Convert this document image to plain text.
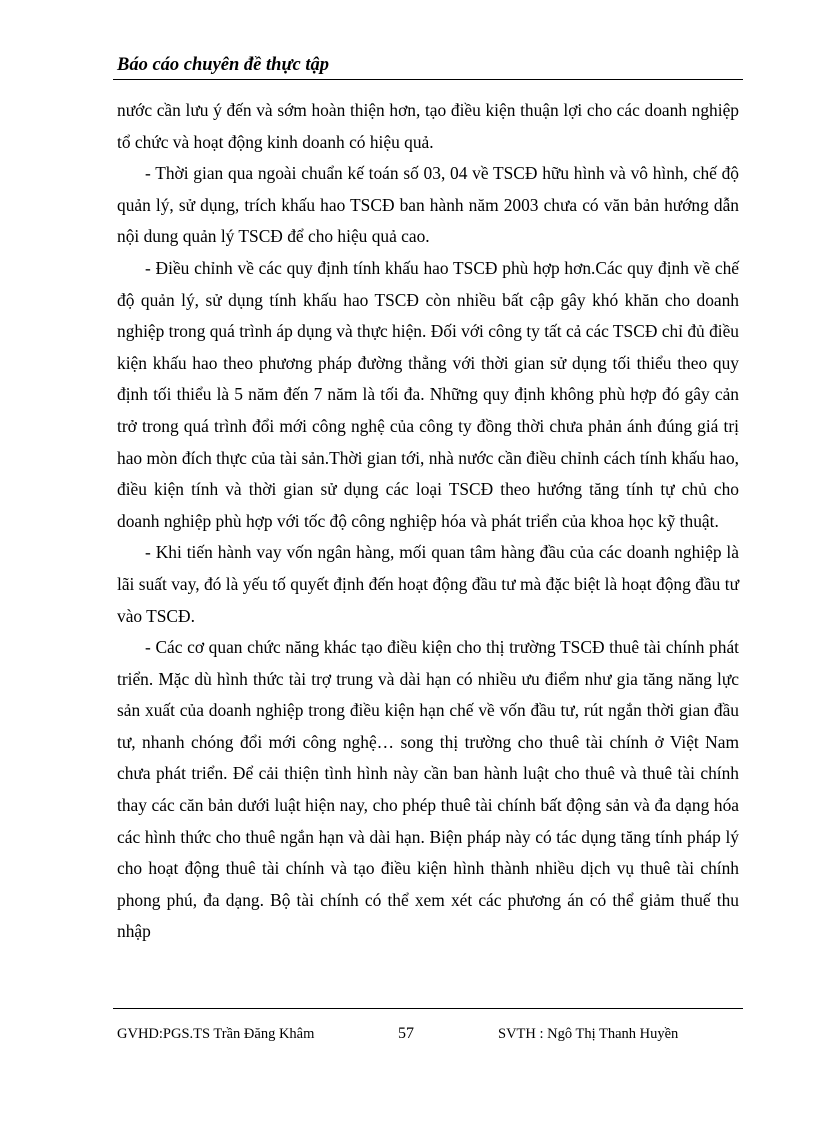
Báo cáo chuyên đề thực tập

nước cần lưu ý đến và sớm hoàn thiện hơn, tạo điều kiện thuận lợi cho các doanh nghiệp tổ chức và hoạt động kinh doanh có hiệu quả.

- Thời gian qua ngoài chuẩn kế toán số 03, 04 về TSCĐ hữu hình và vô hình, chế độ quản lý, sử dụng, trích khấu hao TSCĐ ban hành năm 2003 chưa có văn bản hướng dẫn nội dung quản lý TSCĐ để cho hiệu quả cao.

- Điều chỉnh về các quy định tính khấu hao TSCĐ phù hợp hơn.Các quy định về chế độ quản lý, sử dụng tính khấu hao TSCĐ còn nhiều bất cập gây khó khăn cho doanh nghiệp trong quá trình áp dụng và thực hiện. Đối với công ty tất cả các TSCĐ chỉ đủ điều kiện khấu hao theo phương pháp đường thẳng với thời gian sử dụng tối thiểu theo quy định tối thiểu là 5 năm đến 7 năm là tối đa. Những quy định không phù hợp đó gây cản trở trong quá trình đổi mới công nghệ của công ty đồng thời chưa phản ánh đúng giá trị hao mòn đích thực của tài sản.Thời gian tới, nhà nước cần điều chỉnh cách tính khấu hao, điều kiện tính và thời gian sử dụng các loại TSCĐ theo hướng tăng tính tự chủ cho doanh nghiệp phù hợp với tốc độ công nghiệp hóa và phát triển của khoa học kỹ thuật.

- Khi tiến hành vay vốn ngân hàng, mối quan tâm hàng đầu của các doanh nghiệp là lãi suất vay, đó là yếu tố quyết định đến hoạt động đầu tư mà đặc biệt là hoạt động đầu tư vào TSCĐ.

- Các cơ quan chức năng khác tạo điều kiện cho thị trường TSCĐ thuê tài chính phát triển. Mặc dù hình thức tài trợ trung và dài hạn có nhiều ưu điểm như gia tăng năng lực sản xuất của doanh nghiệp trong điều kiện hạn chế về vốn đầu tư, rút ngắn thời gian đầu tư, nhanh chóng đổi mới công nghệ… song thị trường cho thuê tài chính ở Việt Nam chưa phát triển. Để cải thiện tình hình này cần ban hành luật cho thuê và thuê tài chính thay các căn bản dưới luật hiện nay, cho phép thuê tài chính bất động sản và đa dạng hóa các hình thức cho thuê ngắn hạn và dài hạn. Biện pháp này có tác dụng tăng tính pháp lý cho hoạt động thuê tài chính và tạo điều kiện hình thành nhiều dịch vụ thuê tài chính phong phú, đa dạng. Bộ tài chính có thể xem xét các phương án có thể giảm thuế thu nhập

GVHD:PGS.TS Trần Đăng Khâm	57	SVTH : Ngô Thị Thanh Huyền
